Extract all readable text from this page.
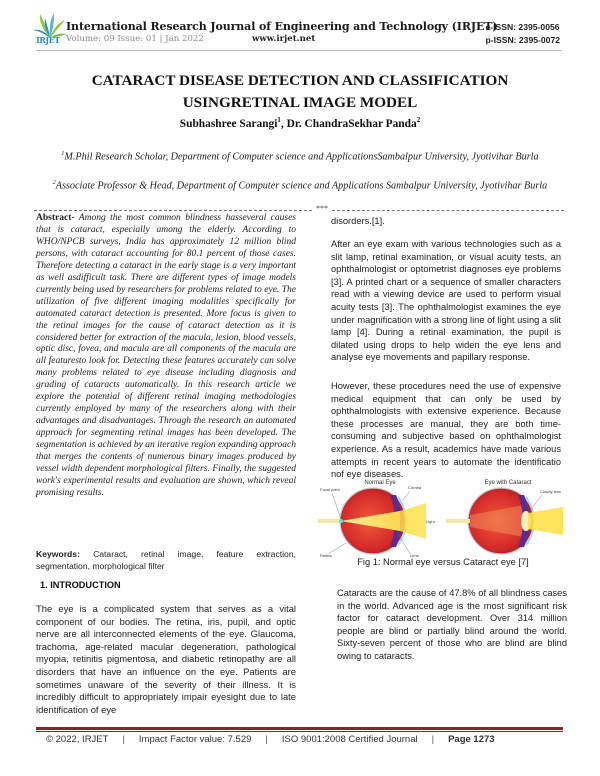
IRJET
International Research Journal of Engineering and Technology (IRJET)
Volume: 09 Issue: 01 | Jan 2022	www.irjet.net
e-ISSN: 2395-0056
p-ISSN: 2395-0072
CATARACT DISEASE DETECTION AND CLASSIFICATION USINGRETINAL IMAGE MODEL
Subhashree Sarangi$^1$, Dr. ChandraSekhar Panda$^2$
$^1$M.Phil Research Scholar, Department of Computer science and ApplicationsSambalpur University, Jyotivihar Burla
$^2$Associate Professor & Head, Department of Computer science and Applications Sambalpur University, Jyotivihar Burla
***

Abstract- Among the most common blindness hasseveral causes that is cataract, especially among the elderly. According to WHO/NPCB surveys, India has approximately 12 million blind persons, with cataract accounting for 80.1 percent of those cases. Therefore detecting a cataract in the early stage is a very important as well asdifficult task. There are different types of image models currently being used by researchers for problems related to eye. The utilization of five different imaging modalities specifically for automated cataract detection is presented. More focus is given to the retinal images for the cause of cataract detection as it is considered better for extraction of the macula, lesion, blood vessels, optic disc, fovea, and macula are all components of the macula are all featuresto look for. Detecting these features accurately can solve many problems related to eye disease including diagnosis and grading of cataracts automatically. In this research article we explore the potential of different retinal imaging methodologies currently employed by many of the researchers along with their advantages and disadvantages. Through the research an automated approach for segmenting retinal images has been developed. The segmentation is achieved by an iterative region expanding approach that merges the contents of numerous binary images produced by vessel width dependent morphological filters. Finally, the suggested work's experimental results and evaluation are shown, which reveal promising results.

Keywords: Cataract, retinal image, feature extraction, segmentation, morphological filter

1. INTRODUCTION

The eye is a complicated system that serves as a vital component of our bodies. The retina, iris, pupil, and optic nerve are all interconnected elements of the eye. Glaucoma, trachoma, age-related macular degeneration, pathological myopia, retinitis pigmentosa, and diabetic retinopathy are all disorders that have an influence on the eye. Patients are sometimes unaware of the severity of their illness. It is incredibly difficult to appropriately impair eyesight due to late identification of eye

disorders.[1].

After an eye exam with various technologies such as a slit lamp, retinal examination, or visual acuity tests, an ophthalmologist or optometrist diagnoses eye problems [3]. A printed chart or a sequence of smaller characters read with a viewing device are used to perform visual acuity tests [3]. The ophthalmologist examines the eye under magnification with a strong line of light using a slit lamp [4]. During a retinal examination, the pupil is dilated using drops to help widen the eye lens and analyse eye movements and papillary response.

However, these procedures need the use of expensive medical equipment that can only be used by ophthalmologists with extensive experience. Because these processes are manual, they are both time- consuming and subjective based on ophthalmologist experience. As a result, academics have made various attempts in recent years to automate the identificatio nof eye diseases.

Normal Eye
Focal point	Cornea
Light
Retina	Lens
Eye with Cataract
Cloudy lens
Fig 1: Normal eye versus Cataract eye [7]

Cataracts are the cause of 47.8% of all blindness cases in the world. Advanced age is the most significant risk factor for cataract development. Over 314 million people are blind or partially blind around the world. Sixty-seven percent of those who are blind are blind owing to cataracts.

© 2022, IRJET	|	Impact Factor value: 7.529	|	ISO 9001:2008 Certified Journal	|	Page 1273
